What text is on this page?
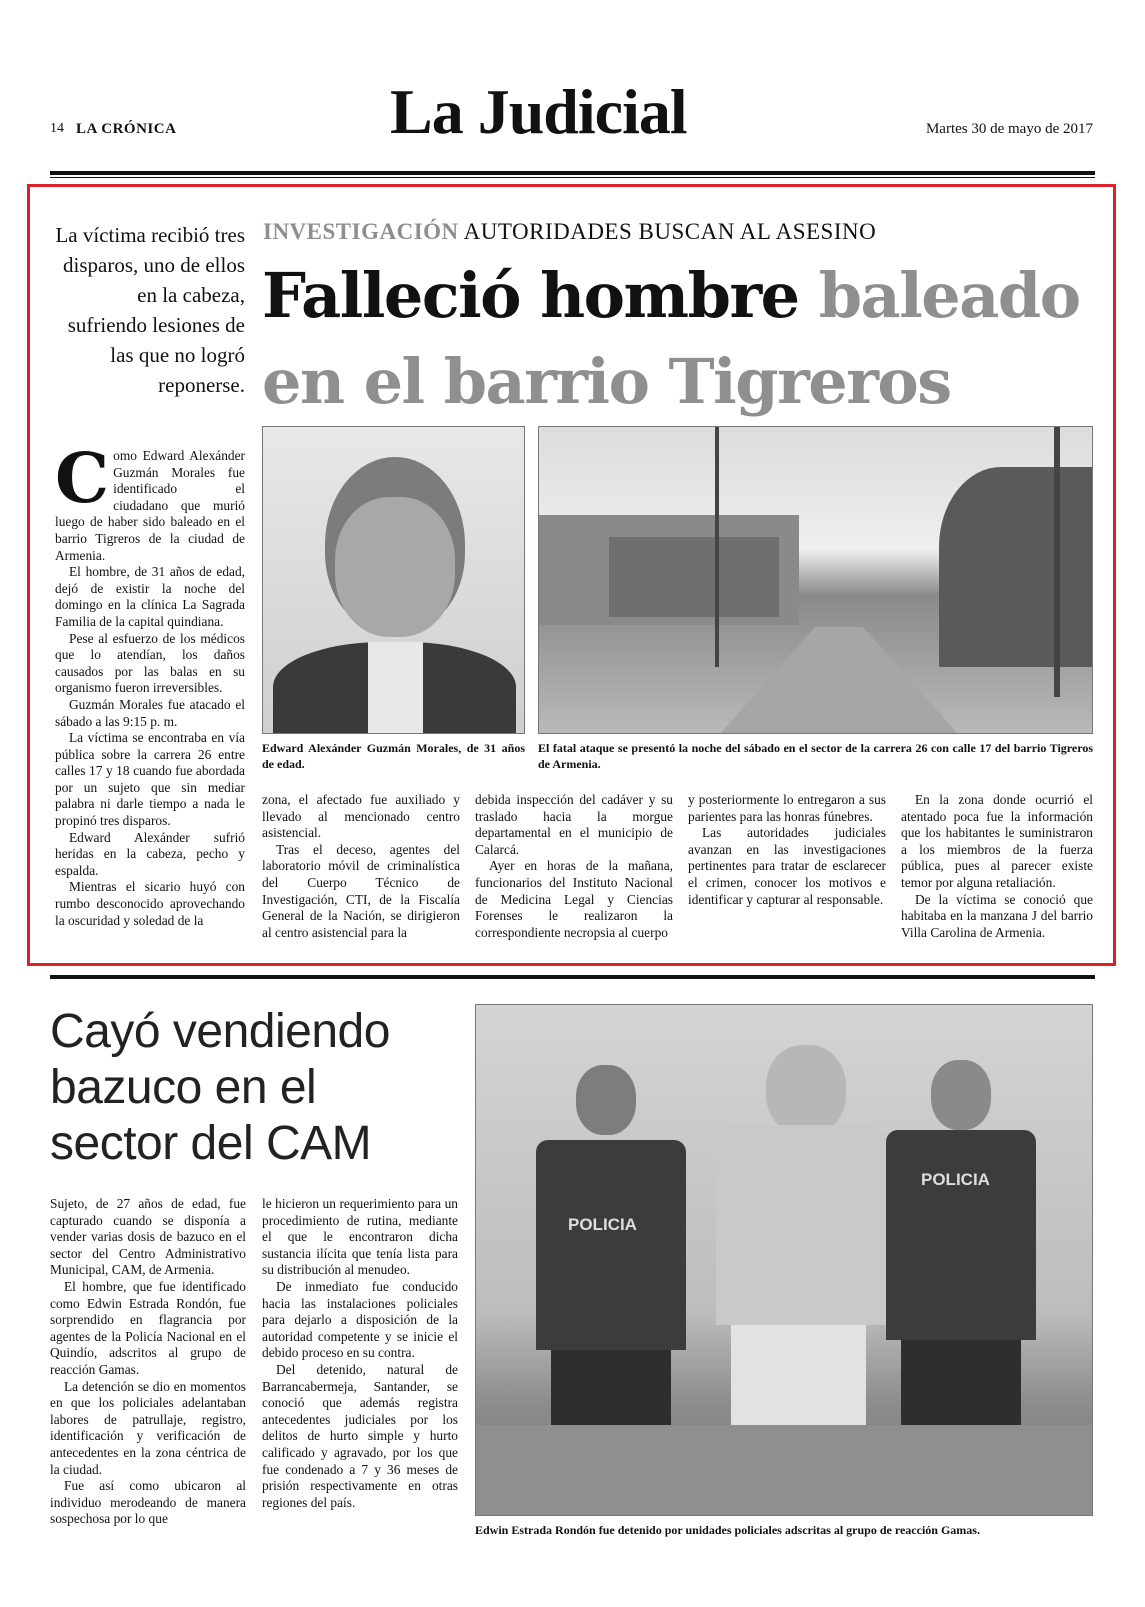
14 LA CRÓNICA	La Judicial	Martes 30 de mayo de 2017
La víctima recibió tres disparos, uno de ellos en la cabeza, sufriendo lesiones de las que no logró reponerse.
INVESTIGACIÓN AUTORIDADES BUSCAN AL ASESINO
Falleció hombre baleado
en el barrio Tigreros
Edward Alexánder Guzmán Morales, de 31 años de edad.
El fatal ataque se presentó la noche del sábado en el sector de la carrera 26 con calle 17 del barrio Tigreros de Armenia.
C omo Edward Alexánder Guzmán Morales fue identificado el ciudadano que murió luego de haber sido baleado en el barrio Tigreros de la ciudad de Armenia.

El hombre, de 31 años de edad, dejó de existir la noche del domingo en la clínica La Sagrada Familia de la capital quindiana.

Pese al esfuerzo de los médicos que lo atendían, los daños causados por las balas en su organismo fueron irreversibles.

Guzmán Morales fue atacado el sábado a las 9:15 p. m.

La víctima se encontraba en vía pública sobre la carrera 26 entre calles 17 y 18 cuando fue abordada por un sujeto que sin mediar palabra ni darle tiempo a nada le propinó tres disparos.

Edward Alexánder sufrió heridas en la cabeza, pecho y espalda.

Mientras el sicario huyó con rumbo desconocido aprovechando la oscuridad y soledad de la

zona, el afectado fue auxiliado y llevado al mencionado centro asistencial.

Tras el deceso, agentes del laboratorio móvil de criminalística del Cuerpo Técnico de Investigación, CTI, de la Fiscalía General de la Nación, se dirigieron al centro asistencial para la

debida inspección del cadáver y su traslado hacia la morgue departamental en el municipio de Calarcá.

Ayer en horas de la mañana, funcionarios del Instituto Nacional de Medicina Legal y Ciencias Forenses le realizaron la correspondiente necropsia al cuerpo

y posteriormente lo entregaron a sus parientes para las honras fúnebres.

Las autoridades judiciales avanzan en las investigaciones pertinentes para tratar de esclarecer el crimen, conocer los motivos e identificar y capturar al responsable.

En la zona donde ocurrió el atentado poca fue la información que los habitantes le suministraron a los miembros de la fuerza pública, pues al parecer existe temor por alguna retaliación.

De la víctima se conoció que habitaba en la manzana J del barrio Villa Carolina de Armenia.

Cayó vendiendo bazuco en el sector del CAM

Sujeto, de 27 años de edad, fue capturado cuando se disponía a vender varias dosis de bazuco en el sector del Centro Administrativo Municipal, CAM, de Armenia.

El hombre, que fue identificado como Edwin Estrada Rondón, fue sorprendido en flagrancia por agentes de la Policía Nacional en el Quindío, adscritos al grupo de reacción Gamas.

La detención se dio en momentos en que los policiales adelantaban labores de patrullaje, registro, identificación y verificación de antecedentes en la zona céntrica de la ciudad.

Fue así como ubicaron al individuo merodeando de manera sospechosa por lo que

le hicieron un requerimiento para un procedimiento de rutina, mediante el que le encontraron dicha sustancia ilícita que tenía lista para su distribución al menudeo.

De inmediato fue conducido hacia las instalaciones policiales para dejarlo a disposición de la autoridad competente y se inicie el debido proceso en su contra.

Del detenido, natural de Barrancabermeja, Santander, se conoció que además registra antecedentes judiciales por los delitos de hurto simple y hurto calificado y agravado, por los que fue condenado a 7 y 36 meses de prisión respectivamente en otras regiones del país.

POLICIA
POLICIA
Edwin Estrada Rondón fue detenido por unidades policiales adscritas al grupo de reacción Gamas.
